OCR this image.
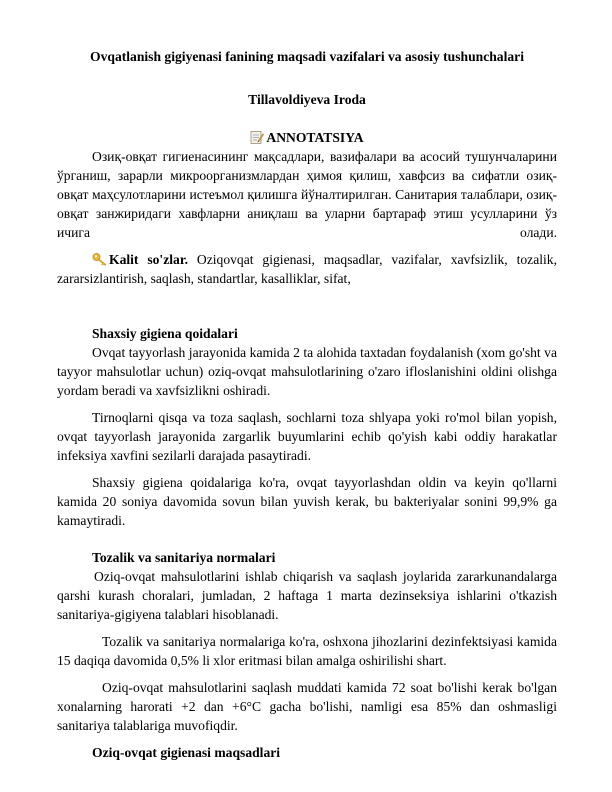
Ovqatlanish gigiyenasi fanining maqsadi vazifalari va asosiy tushunchalari
Tillavoldiyeva Iroda
ANNOTATSIYA

Озиқ-овқат гигиенасининг мақсадлари, вазифалари ва асосий тушунчаларини ўрганиш, зарарли микроорганизмлардан ҳимоя қилиш, хавфсиз ва сифатли озиқ-овқат маҳсулотларини истеъмол қилишга йўналтирилган. Санитария талаблари, озиқ-овқат занжиридаги хавфларни аниқлаш ва уларни бартараф этиш усулларини ўз ичига олади.

Kalit so'zlar. Oziqovqat gigienasi, maqsadlar, vazifalar, xavfsizlik, tozalik, zararsizlantirish, saqlash, standartlar, kasalliklar, sifat,

Shaxsiy gigiena qoidalari

Ovqat tayyorlash jarayonida kamida 2 ta alohida taxtadan foydalanish (xom go'sht va tayyor mahsulotlar uchun) oziq-ovqat mahsulotlarining o'zaro ifloslanishini oldini olishga yordam beradi va xavfsizlikni oshiradi.

Tirnoqlarni qisqa va toza saqlash, sochlarni toza shlyapa yoki ro'mol bilan yopish, ovqat tayyorlash jarayonida zargarlik buyumlarini echib qo'yish kabi oddiy harakatlar infeksiya xavfini sezilarli darajada pasaytiradi.

Shaxsiy gigiena qoidalariga ko'ra, ovqat tayyorlashdan oldin va keyin qo'llarni kamida 20 soniya davomida sovun bilan yuvish kerak, bu bakteriyalar sonini 99,9% ga kamaytiradi.

Tozalik va sanitariya normalari

Oziq-ovqat mahsulotlarini ishlab chiqarish va saqlash joylarida zararkunandalarga qarshi kurash choralari, jumladan, 2 haftaga 1 marta dezinseksiya ishlarini o'tkazish sanitariya-gigiyena talablari hisoblanadi.

Tozalik va sanitariya normalariga ko'ra, oshxona jihozlarini dezinfektsiyasi kamida 15 daqiqa davomida 0,5% li xlor eritmasi bilan amalga oshirilishi shart.

Oziq-ovqat mahsulotlarini saqlash muddati kamida 72 soat bo'lishi kerak bo'lgan xonalarning harorati +2 dan +6°C gacha bo'lishi, namligi esa 85% dan oshmasligi sanitariya talablariga muvofiqdir.

Oziq-ovqat gigienasi maqsadlari
